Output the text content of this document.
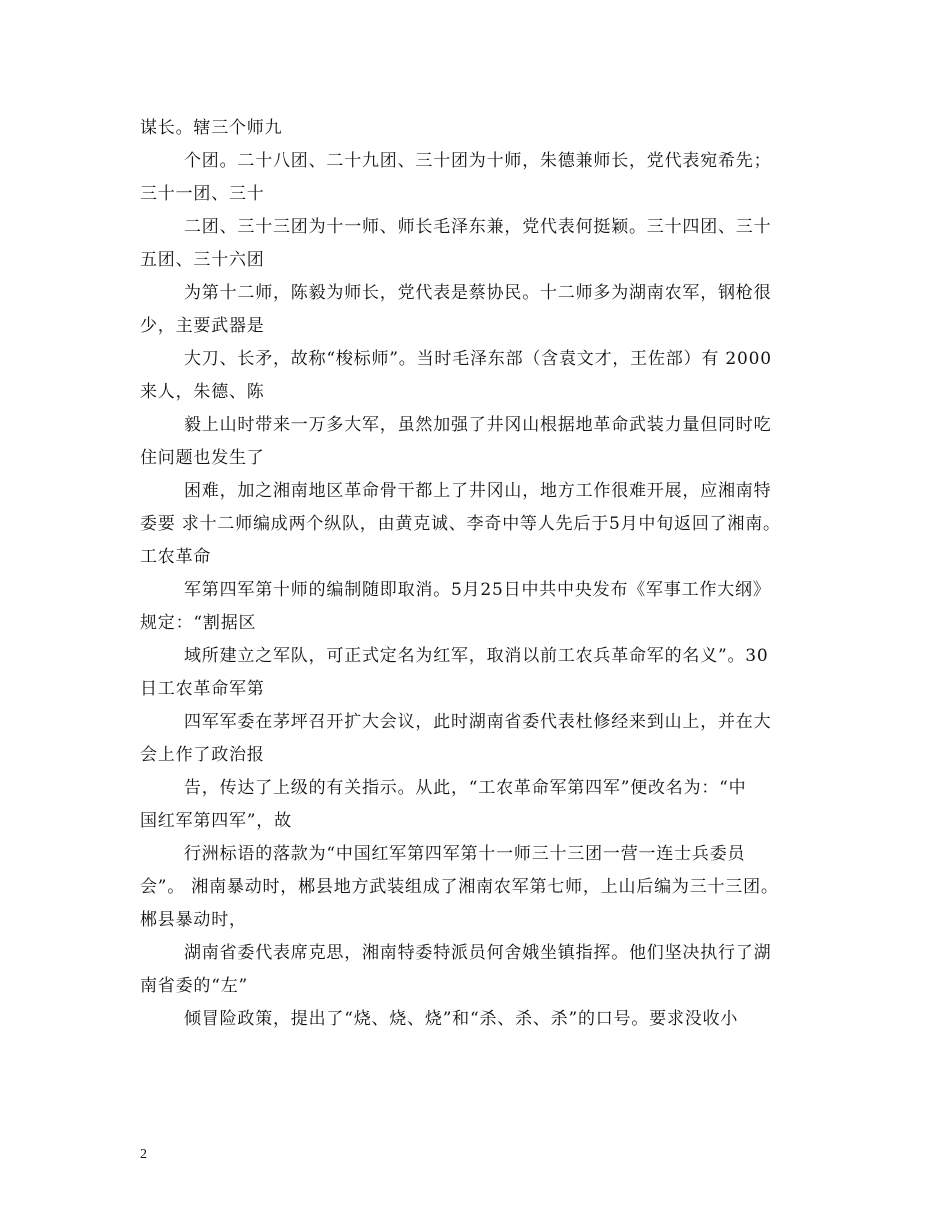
谋长。辖三个师九

个团。二十八团、二十九团、三十团为十师，朱德兼师长，党代表宛希先；

三十一团、三十

二团、三十三团为十一师、师长毛泽东兼，党代表何挺颖。三十四团、三十

五团、三十六团

为第十二师，陈毅为师长，党代表是蔡协民。十二师多为湖南农军，钢枪很

少，主要武器是

大刀、长矛，故称“梭标师”。当时毛泽东部（含袁文才，王佐部）有 2000

来人，朱德、陈

毅上山时带来一万多大军，虽然加强了井冈山根据地革命武装力量但同时吃

住问题也发生了

困难，加之湘南地区革命骨干都上了井冈山，地方工作很难开展，应湘南特

委要 求十二师编成两个纵队，由黄克诚、李奇中等人先后于5月中旬返回了湘南。

工农革命

军第四军第十师的编制随即取消。5月25日中共中央发布《军事工作大纲》

规定：“割据区

域所建立之军队，可正式定名为红军，取消以前工农兵革命军的名义”。30

日工农革命军第

四军军委在茅坪召开扩大会议，此时湖南省委代表杜修经来到山上，并在大

会上作了政治报

告，传达了上级的有关指示。从此，“工农革命军第四军”便改名为：“中

国红军第四军”，故

行洲标语的落款为“中国红军第四军第十一师三十三团一营一连士兵委员

会”。 湘南暴动时，郴县地方武装组成了湘南农军第七师，上山后编为三十三团。

郴县暴动时，

湖南省委代表席克思，湘南特委特派员何舍娥坐镇指挥。他们坚决执行了湖

南省委的“左”

倾冒险政策，提出了“烧、烧、烧”和“杀、杀、杀”的口号。要求没收小

2
